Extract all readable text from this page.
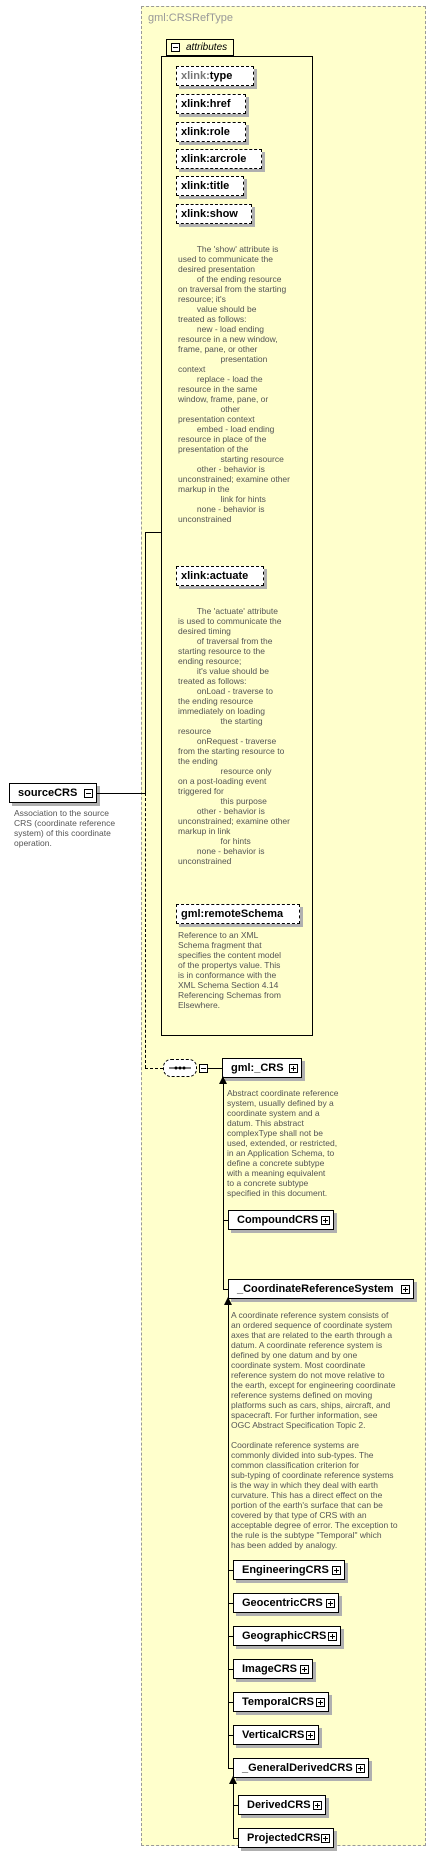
gml:CRSRefType
sourceCRS
Association to the source
CRS (coordinate reference
system) of this coordinate
operation.
attributes
xlink:type
xlink:href
xlink:role
xlink:arcrole
xlink:title
xlink:show
The 'show' attribute is
used to communicate the
desired presentation
of the ending resource
on traversal from the starting
resource; it's
value should be
treated as follows:
new - load ending
resource in a new window,
frame, pane, or other
presentation
context
replace - load the
resource in the same
window, frame, pane, or
other
presentation context
embed - load ending
resource in place of the
presentation of the
starting resource
other - behavior is
unconstrained; examine other
markup in the
link for hints
none - behavior is
unconstrained
xlink:actuate
The 'actuate' attribute
is used to communicate the
desired timing
of traversal from the
starting resource to the
ending resource;
it's value should be
treated as follows:
onLoad - traverse to
the ending resource
immediately on loading
the starting
resource
onRequest - traverse
from the starting resource to
the ending
resource only
on a post-loading event
triggered for
this purpose
other - behavior is
unconstrained; examine other
markup in link
for hints
none - behavior is
unconstrained
gml:remoteSchema
Reference to an XML
Schema fragment that
specifies the content model
of the propertys value. This
is in conformance with the
XML Schema Section 4.14
Referencing Schemas from
Elsewhere.
gml:_CRS
Abstract coordinate reference
system, usually defined by a
coordinate system and a
datum. This abstract
complexType shall not be
used, extended, or restricted,
in an Application Schema, to
define a concrete subtype
with a meaning equivalent
to a concrete subtype
specified in this document.
CompoundCRS
_CoordinateReferenceSystem
A coordinate reference system consists of
an ordered sequence of coordinate system
axes that are related to the earth through a
datum. A coordinate reference system is
defined by one datum and by one
coordinate system. Most coordinate
reference system do not move relative to
the earth, except for engineering coordinate
reference systems defined on moving
platforms such as cars, ships, aircraft, and
spacecraft. For further information, see
OGC Abstract Specification Topic 2.

Coordinate reference systems are
commonly divided into sub-types. The
common classification criterion for
sub-typing of coordinate reference systems
is the way in which they deal with earth
curvature. This has a direct effect on the
portion of the earth's surface that can be
covered by that type of CRS with an
acceptable degree of error. The exception to
the rule is the subtype "Temporal" which
has been added by analogy.
EngineeringCRS
GeocentricCRS
GeographicCRS
ImageCRS
TemporalCRS
VerticalCRS
_GeneralDerivedCRS
DerivedCRS
ProjectedCRS
